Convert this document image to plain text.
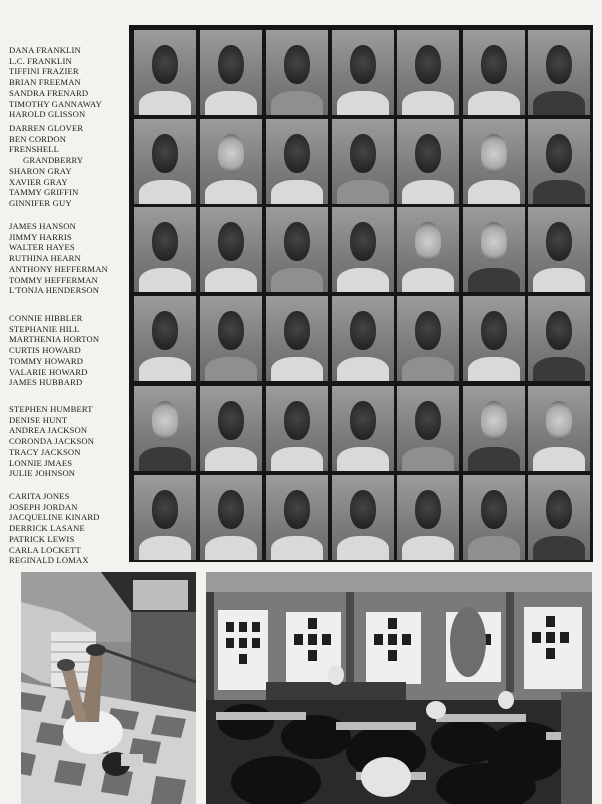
DANA FRANKLIN
L.C. FRANKLIN
TIFFINI FRAZIER
BRIAN FREEMAN
SANDRA FRENARD
TIMOTHY GANNAWAY
HAROLD GLISSON
DARREN GLOVER
BEN CORDON
FRENSHELL
GRANDBERRY
SHARON GRAY
XAVIER GRAY
TAMMY GRIFFIN
GINNIFER GUY
JAMES HANSON
JIMMY HARRIS
WALTER HAYES
RUTHINA HEARN
ANTHONY HEFFERMAN
TOMMY HEFFERMAN
L'TONJA HENDERSON
CONNIE HIBBLER
STEPHANIE HILL
MARTHENIA HORTON
CURTIS HOWARD
TOMMY HOWARD
VALARIE HOWARD
JAMES HUBBARD
STEPHEN HUMBERT
DENISE HUNT
ANDREA JACKSON
CORONDA JACKSON
TRACY JACKSON
LONNIE JMAES
JULIE JOHNSON
CARITA JONES
JOSEPH JORDAN
JACQUELINE KINARD
DERRICK LASANE
PATRICK LEWIS
CARLA LOCKETT
REGINALD LOMAX
